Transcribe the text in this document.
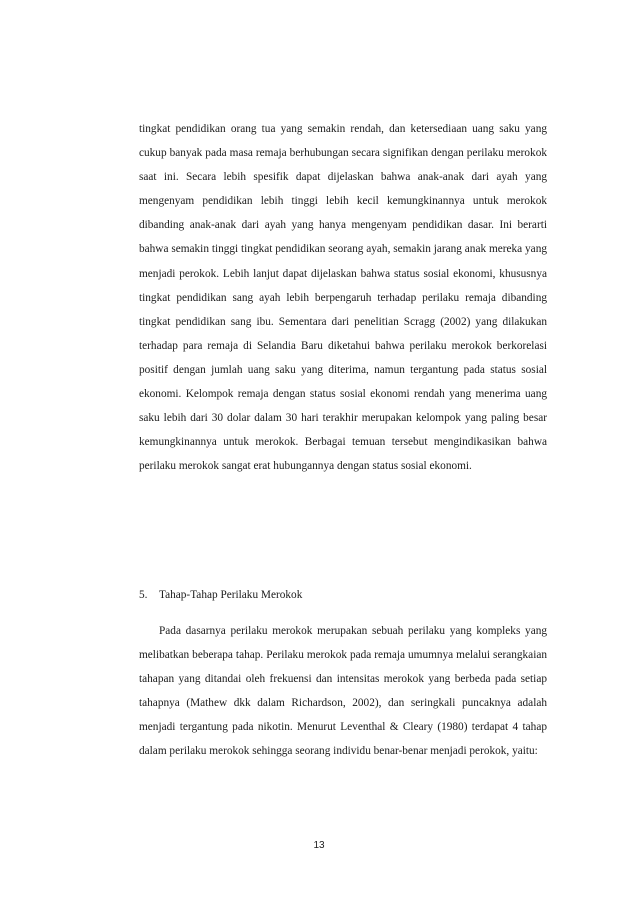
tingkat pendidikan orang tua yang semakin rendah, dan ketersediaan uang saku yang cukup banyak pada masa remaja berhubungan secara signifikan dengan perilaku merokok saat ini. Secara lebih spesifik dapat dijelaskan bahwa anak-anak dari ayah yang mengenyam pendidikan lebih tinggi lebih kecil kemungkinannya untuk merokok dibanding anak-anak dari ayah yang hanya mengenyam pendidikan dasar. Ini berarti bahwa semakin tinggi tingkat pendidikan seorang ayah, semakin jarang anak mereka yang menjadi perokok. Lebih lanjut dapat dijelaskan bahwa status sosial ekonomi, khususnya tingkat pendidikan sang ayah lebih berpengaruh terhadap perilaku remaja dibanding tingkat pendidikan sang ibu. Sementara dari penelitian Scragg (2002) yang dilakukan terhadap para remaja di Selandia Baru diketahui bahwa perilaku merokok berkorelasi positif dengan jumlah uang saku yang diterima, namun tergantung pada status sosial ekonomi. Kelompok remaja dengan status sosial ekonomi rendah yang menerima uang saku lebih dari 30 dolar dalam 30 hari terakhir merupakan kelompok yang paling besar kemungkinannya untuk merokok. Berbagai temuan tersebut mengindikasikan bahwa perilaku merokok sangat erat hubungannya dengan status sosial ekonomi.

5. Tahap-Tahap Perilaku Merokok

Pada dasarnya perilaku merokok merupakan sebuah perilaku yang kompleks yang melibatkan beberapa tahap. Perilaku merokok pada remaja umumnya melalui serangkaian tahapan yang ditandai oleh frekuensi dan intensitas merokok yang berbeda pada setiap tahapnya (Mathew dkk dalam Richardson, 2002), dan seringkali puncaknya adalah menjadi tergantung pada nikotin. Menurut Leventhal & Cleary (1980) terdapat 4 tahap dalam perilaku merokok sehingga seorang individu benar-benar menjadi perokok, yaitu:

13
